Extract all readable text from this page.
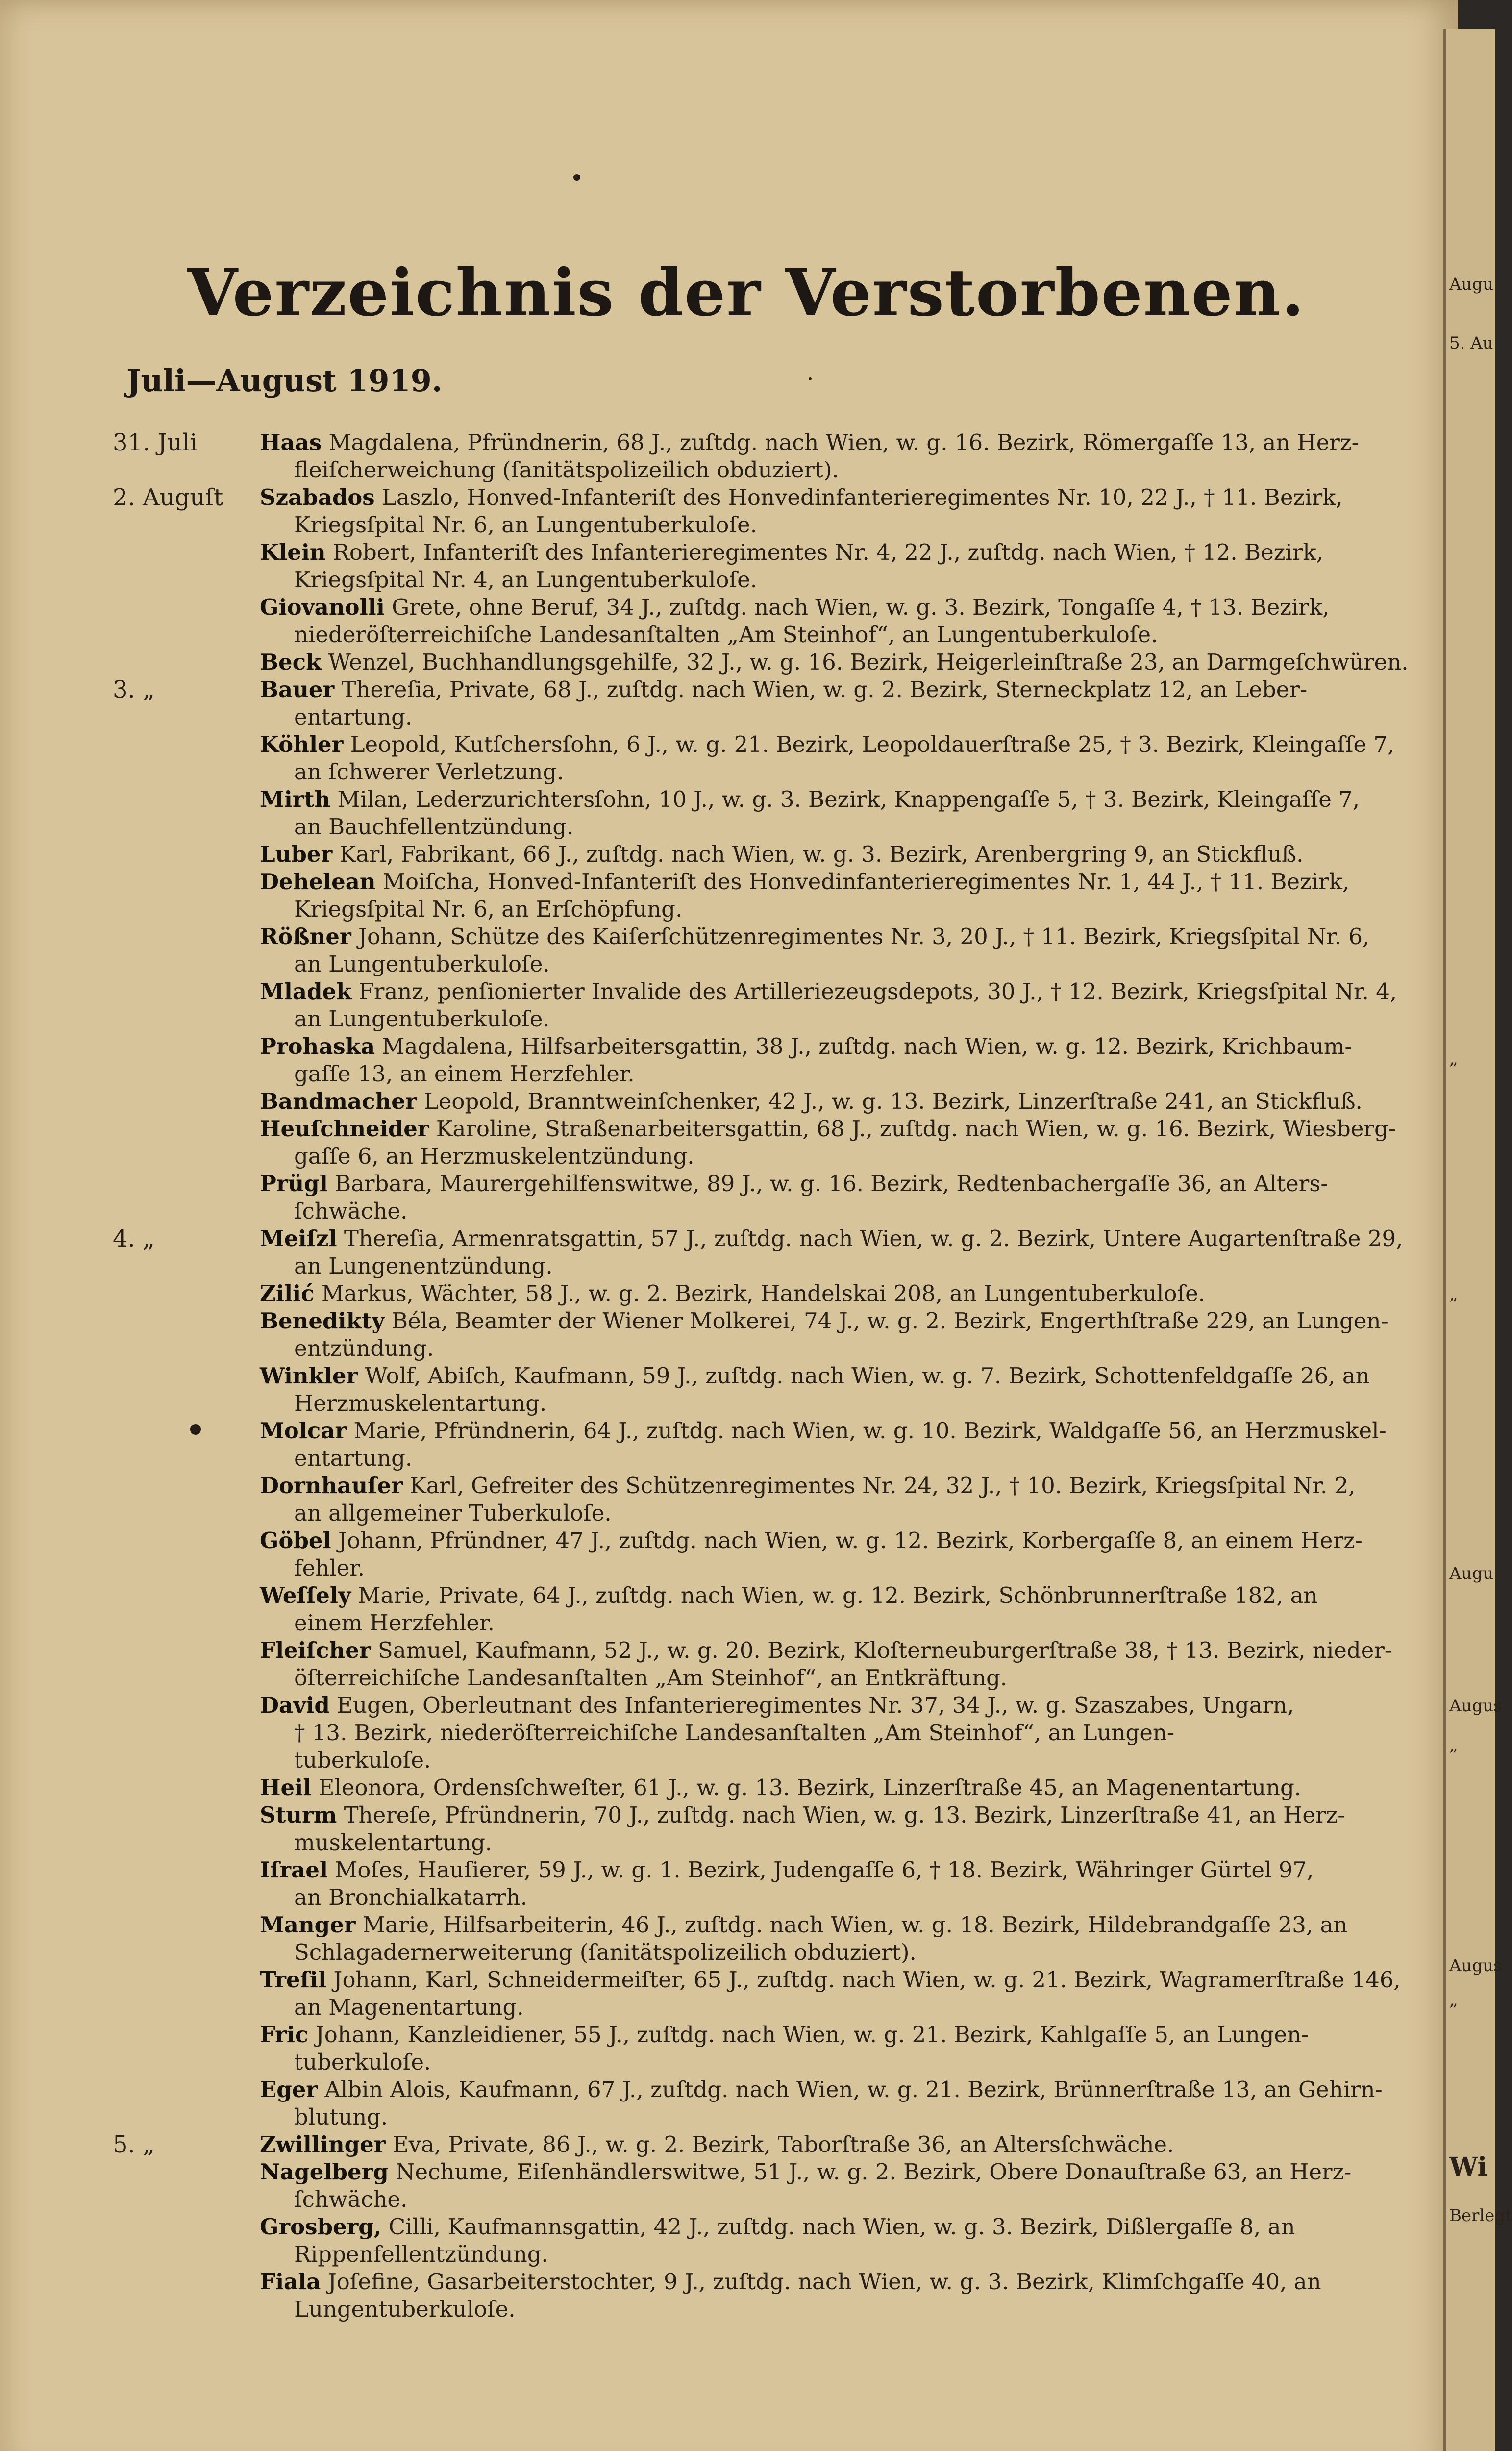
Verzeichnis der Verstorbenen.
Juli—August 1919.
31. Juli	Haas Magdalena, Pfründnerin, 68 J., zuſtdg. nach Wien, w. g. 16. Bezirk, Römergaſſe 13, an Herz-
fleiſcherweichung (ſanitätspolizeilich obduziert).
2. Auguſt	Szabados Laszlo, Honved-Infanteriſt des Honvedinfanterieregimentes Nr. 10, 22 J., † 11. Bezirk,
Kriegsſpital Nr. 6, an Lungentuberkuloſe.
Klein Robert, Infanteriſt des Infanterieregimentes Nr. 4, 22 J., zuſtdg. nach Wien, † 12. Bezirk,
Kriegsſpital Nr. 4, an Lungentuberkuloſe.
Giovanolli Grete, ohne Beruf, 34 J., zuſtdg. nach Wien, w. g. 3. Bezirk, Tongaſſe 4, † 13. Bezirk,
niederöſterreichiſche Landesanſtalten „Am Steinhof“, an Lungentuberkuloſe.
Beck Wenzel, Buchhandlungsgehilfe, 32 J., w. g. 16. Bezirk, Heigerleinſtraße 23, an Darmgeſchwüren.
3. „	Bauer Thereſia, Private, 68 J., zuſtdg. nach Wien, w. g. 2. Bezirk, Sterneckplatz 12, an Leber-
entartung.
Köhler Leopold, Kutſchersſohn, 6 J., w. g. 21. Bezirk, Leopoldauerſtraße 25, † 3. Bezirk, Kleingaſſe 7,
an ſchwerer Verletzung.
Mirth Milan, Lederzurichtersſohn, 10 J., w. g. 3. Bezirk, Knappengaſſe 5, † 3. Bezirk, Kleingaſſe 7,
an Bauchfellentzündung.
Luber Karl, Fabrikant, 66 J., zuſtdg. nach Wien, w. g. 3. Bezirk, Arenbergring 9, an Stickfluß.
Dehelean Moiſcha, Honved-Infanteriſt des Honvedinfanterieregimentes Nr. 1, 44 J., † 11. Bezirk,
Kriegsſpital Nr. 6, an Erſchöpfung.
Rößner Johann, Schütze des Kaiſerſchützenregimentes Nr. 3, 20 J., † 11. Bezirk, Kriegsſpital Nr. 6,
an Lungentuberkuloſe.
Mladek Franz, penſionierter Invalide des Artilleriezeugsdepots, 30 J., † 12. Bezirk, Kriegsſpital Nr. 4,
an Lungentuberkuloſe.
Prohaska Magdalena, Hilfsarbeitersgattin, 38 J., zuſtdg. nach Wien, w. g. 12. Bezirk, Krichbaum-
gaſſe 13, an einem Herzfehler.
Bandmacher Leopold, Branntweinſchenker, 42 J., w. g. 13. Bezirk, Linzerſtraße 241, an Stickfluß.
Heuſchneider Karoline, Straßenarbeitersgattin, 68 J., zuſtdg. nach Wien, w. g. 16. Bezirk, Wiesberg-
gaſſe 6, an Herzmuskelentzündung.
Prügl Barbara, Maurergehilfenswitwe, 89 J., w. g. 16. Bezirk, Redtenbachergaſſe 36, an Alters-
ſchwäche.
4. „	Meiſzl Thereſia, Armenratsgattin, 57 J., zuſtdg. nach Wien, w. g. 2. Bezirk, Untere Augartenſtraße 29,
an Lungenentzündung.
Zilić Markus, Wächter, 58 J., w. g. 2. Bezirk, Handelskai 208, an Lungentuberkuloſe.
Benedikty Béla, Beamter der Wiener Molkerei, 74 J., w. g. 2. Bezirk, Engerthſtraße 229, an Lungen-
entzündung.
Winkler Wolf, Abiſch, Kaufmann, 59 J., zuſtdg. nach Wien, w. g. 7. Bezirk, Schottenfeldgaſſe 26, an
Herzmuskelentartung.
Molcar Marie, Pfründnerin, 64 J., zuſtdg. nach Wien, w. g. 10. Bezirk, Waldgaſſe 56, an Herzmuskel-
entartung.
Dornhauſer Karl, Gefreiter des Schützenregimentes Nr. 24, 32 J., † 10. Bezirk, Kriegsſpital Nr. 2,
an allgemeiner Tuberkuloſe.
Göbel Johann, Pfründner, 47 J., zuſtdg. nach Wien, w. g. 12. Bezirk, Korbergaſſe 8, an einem Herz-
fehler.
Weſſely Marie, Private, 64 J., zuſtdg. nach Wien, w. g. 12. Bezirk, Schönbrunnerſtraße 182, an
einem Herzfehler.
Fleiſcher Samuel, Kaufmann, 52 J., w. g. 20. Bezirk, Kloſterneuburgerſtraße 38, † 13. Bezirk, nieder-
öſterreichiſche Landesanſtalten „Am Steinhof“, an Entkräftung.
David Eugen, Oberleutnant des Infanterieregimentes Nr. 37, 34 J., w. g. Szaszabes, Ungarn,
† 13. Bezirk, niederöſterreichiſche Landesanſtalten „Am Steinhof“, an Lungen-
tuberkuloſe.
Heil Eleonora, Ordensſchweſter, 61 J., w. g. 13. Bezirk, Linzerſtraße 45, an Magenentartung.
Sturm Thereſe, Pfründnerin, 70 J., zuſtdg. nach Wien, w. g. 13. Bezirk, Linzerſtraße 41, an Herz-
muskelentartung.
Iſrael Moſes, Hauſierer, 59 J., w. g. 1. Bezirk, Judengaſſe 6, † 18. Bezirk, Währinger Gürtel 97,
an Bronchialkatarrh.
Manger Marie, Hilfsarbeiterin, 46 J., zuſtdg. nach Wien, w. g. 18. Bezirk, Hildebrandgaſſe 23, an
Schlagadernerweiterung (ſanitätspolizeilich obduziert).
Treſil Johann, Karl, Schneidermeiſter, 65 J., zuſtdg. nach Wien, w. g. 21. Bezirk, Wagramerſtraße 146,
an Magenentartung.
Fric Johann, Kanzleidiener, 55 J., zuſtdg. nach Wien, w. g. 21. Bezirk, Kahlgaſſe 5, an Lungen-
tuberkuloſe.
Eger Albin Alois, Kaufmann, 67 J., zuſtdg. nach Wien, w. g. 21. Bezirk, Brünnerſtraße 13, an Gehirn-
blutung.
5. „	Zwillinger Eva, Private, 86 J., w. g. 2. Bezirk, Taborſtraße 36, an Altersſchwäche.
Nagelberg Nechume, Eiſenhändlerswitwe, 51 J., w. g. 2. Bezirk, Obere Donauſtraße 63, an Herz-
ſchwäche.
Grosberg, Cilli, Kaufmannsgattin, 42 J., zuſtdg. nach Wien, w. g. 3. Bezirk, Dißlergaſſe 8, an
Rippenfellentzündung.
Fiala Joſefine, Gasarbeiterstochter, 9 J., zuſtdg. nach Wien, w. g. 3. Bezirk, Klimſchgaſſe 40, an
Lungentuberkuloſe.
Augu
5. Au
„
„
Augu
Augus
„
Augus
„
Wi
Berlegt
